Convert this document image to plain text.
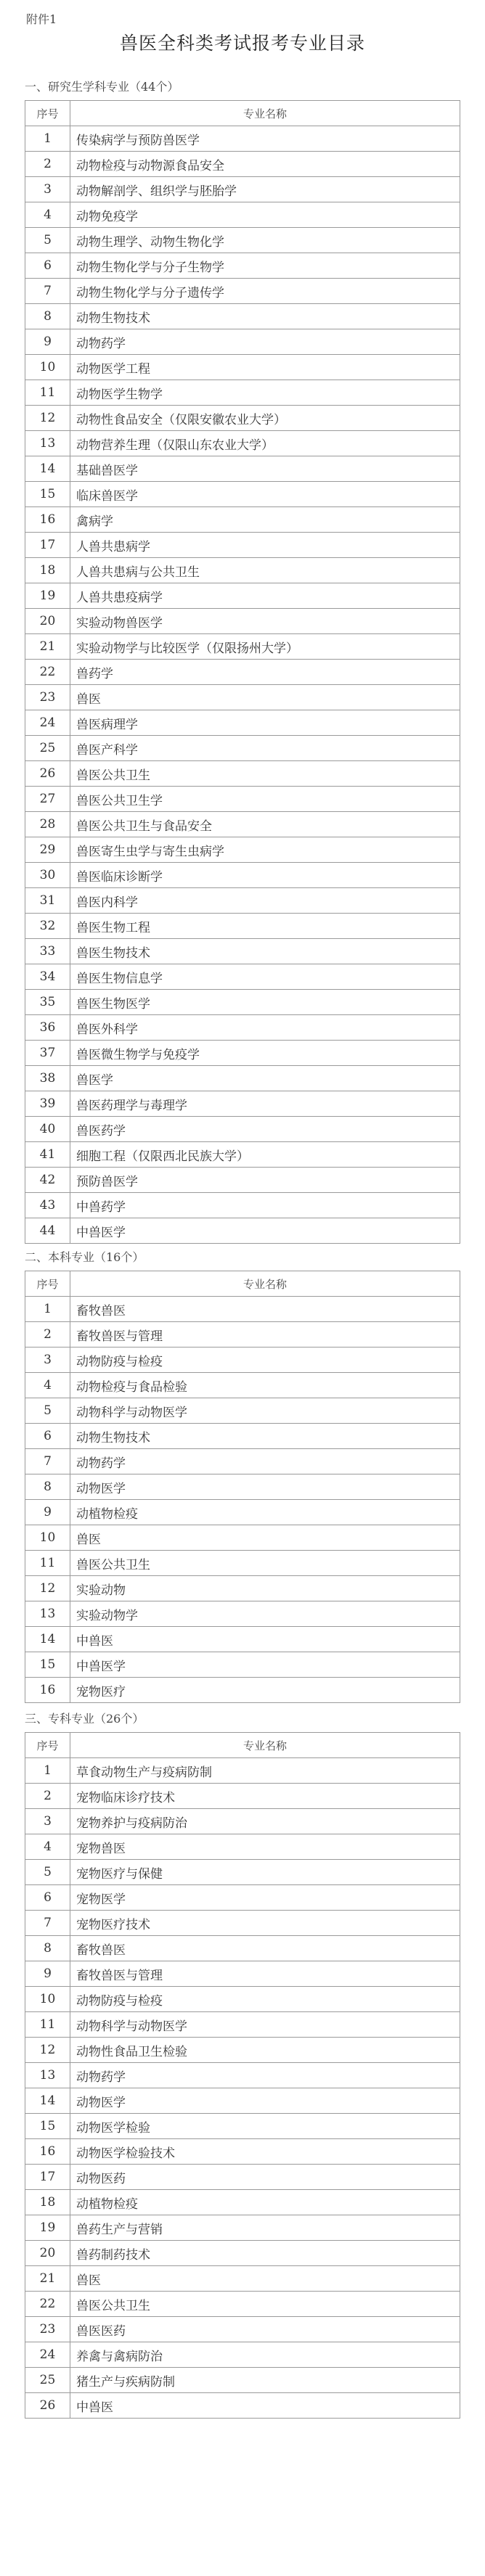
附件1
兽医全科类考试报考专业目录
一、研究生学科专业（44个）
序号	专业名称
1	传染病学与预防兽医学
2	动物检疫与动物源食品安全
3	动物解剖学、组织学与胚胎学
4	动物免疫学
5	动物生理学、动物生物化学
6	动物生物化学与分子生物学
7	动物生物化学与分子遗传学
8	动物生物技术
9	动物药学
10	动物医学工程
11	动物医学生物学
12	动物性食品安全（仅限安徽农业大学）
13	动物营养生理（仅限山东农业大学）
14	基础兽医学
15	临床兽医学
16	禽病学
17	人兽共患病学
18	人兽共患病与公共卫生
19	人兽共患疫病学
20	实验动物兽医学
21	实验动物学与比较医学（仅限扬州大学）
22	兽药学
23	兽医
24	兽医病理学
25	兽医产科学
26	兽医公共卫生
27	兽医公共卫生学
28	兽医公共卫生与食品安全
29	兽医寄生虫学与寄生虫病学
30	兽医临床诊断学
31	兽医内科学
32	兽医生物工程
33	兽医生物技术
34	兽医生物信息学
35	兽医生物医学
36	兽医外科学
37	兽医微生物学与免疫学
38	兽医学
39	兽医药理学与毒理学
40	兽医药学
41	细胞工程（仅限西北民族大学）
42	预防兽医学
43	中兽药学
44	中兽医学
二、本科专业（16个）
序号	专业名称
1	畜牧兽医
2	畜牧兽医与管理
3	动物防疫与检疫
4	动物检疫与食品检验
5	动物科学与动物医学
6	动物生物技术
7	动物药学
8	动物医学
9	动植物检疫
10	兽医
11	兽医公共卫生
12	实验动物
13	实验动物学
14	中兽医
15	中兽医学
16	宠物医疗
三、专科专业（26个）
序号	专业名称
1	草食动物生产与疫病防制
2	宠物临床诊疗技术
3	宠物养护与疫病防治
4	宠物兽医
5	宠物医疗与保健
6	宠物医学
7	宠物医疗技术
8	畜牧兽医
9	畜牧兽医与管理
10	动物防疫与检疫
11	动物科学与动物医学
12	动物性食品卫生检验
13	动物药学
14	动物医学
15	动物医学检验
16	动物医学检验技术
17	动物医药
18	动植物检疫
19	兽药生产与营销
20	兽药制药技术
21	兽医
22	兽医公共卫生
23	兽医医药
24	养禽与禽病防治
25	猪生产与疾病防制
26	中兽医
